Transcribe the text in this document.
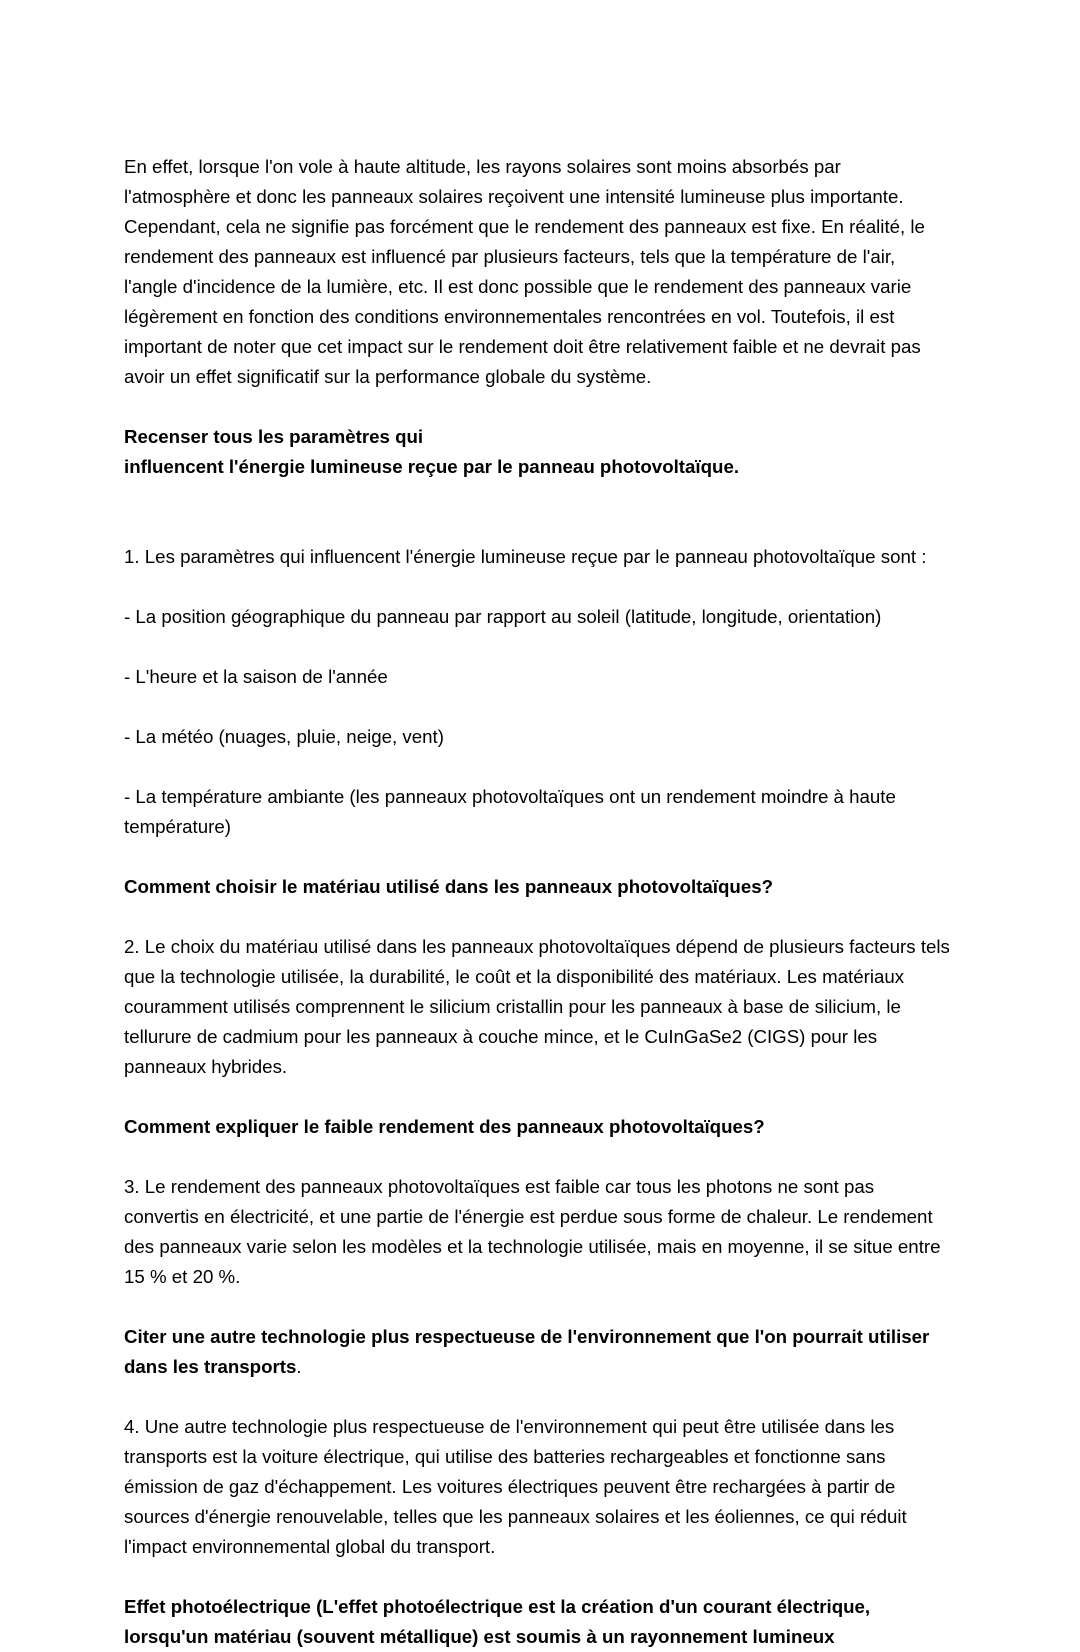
En effet, lorsque l'on vole à haute altitude, les rayons solaires sont moins absorbés par l'atmosphère et donc les panneaux solaires reçoivent une intensité lumineuse plus importante. Cependant, cela ne signifie pas forcément que le rendement des panneaux est fixe. En réalité, le rendement des panneaux est influencé par plusieurs facteurs, tels que la température de l'air, l'angle d'incidence de la lumière, etc. Il est donc possible que le rendement des panneaux varie légèrement en fonction des conditions environnementales rencontrées en vol. Toutefois, il est important de noter que cet impact sur le rendement doit être relativement faible et ne devrait pas avoir un effet significatif sur la performance globale du système.

Recenser tous les paramètres qui
influencent l'énergie lumineuse reçue par le panneau photovoltaïque.

1. Les paramètres qui influencent l'énergie lumineuse reçue par le panneau photovoltaïque sont :

- La position géographique du panneau par rapport au soleil (latitude, longitude, orientation)

- L'heure et la saison de l'année

- La météo (nuages, pluie, neige, vent)

- La température ambiante (les panneaux photovoltaïques ont un rendement moindre à haute température)

Comment choisir le matériau utilisé dans les panneaux photovoltaïques?

2. Le choix du matériau utilisé dans les panneaux photovoltaïques dépend de plusieurs facteurs tels que la technologie utilisée, la durabilité, le coût et la disponibilité des matériaux. Les matériaux couramment utilisés comprennent le silicium cristallin pour les panneaux à base de silicium, le tellurure de cadmium pour les panneaux à couche mince, et le CuInGaSe2 (CIGS) pour les panneaux hybrides.

Comment expliquer le faible rendement des panneaux photovoltaïques?

3. Le rendement des panneaux photovoltaïques est faible car tous les photons ne sont pas convertis en électricité, et une partie de l'énergie est perdue sous forme de chaleur. Le rendement des panneaux varie selon les modèles et la technologie utilisée, mais en moyenne, il se situe entre 15 % et 20 %.

Citer une autre technologie plus respectueuse de l'environnement que l'on pourrait utiliser dans les transports.

4. Une autre technologie plus respectueuse de l'environnement qui peut être utilisée dans les transports est la voiture électrique, qui utilise des batteries rechargeables et fonctionne sans émission de gaz d'échappement. Les voitures électriques peuvent être rechargées à partir de sources d'énergie renouvelable, telles que les panneaux solaires et les éoliennes, ce qui réduit l'impact environnemental global du transport.

Effet photoélectrique (L'effet photoélectrique est la création d'un courant électrique, lorsqu'un matériau (souvent métallique) est soumis à un rayonnement lumineux
